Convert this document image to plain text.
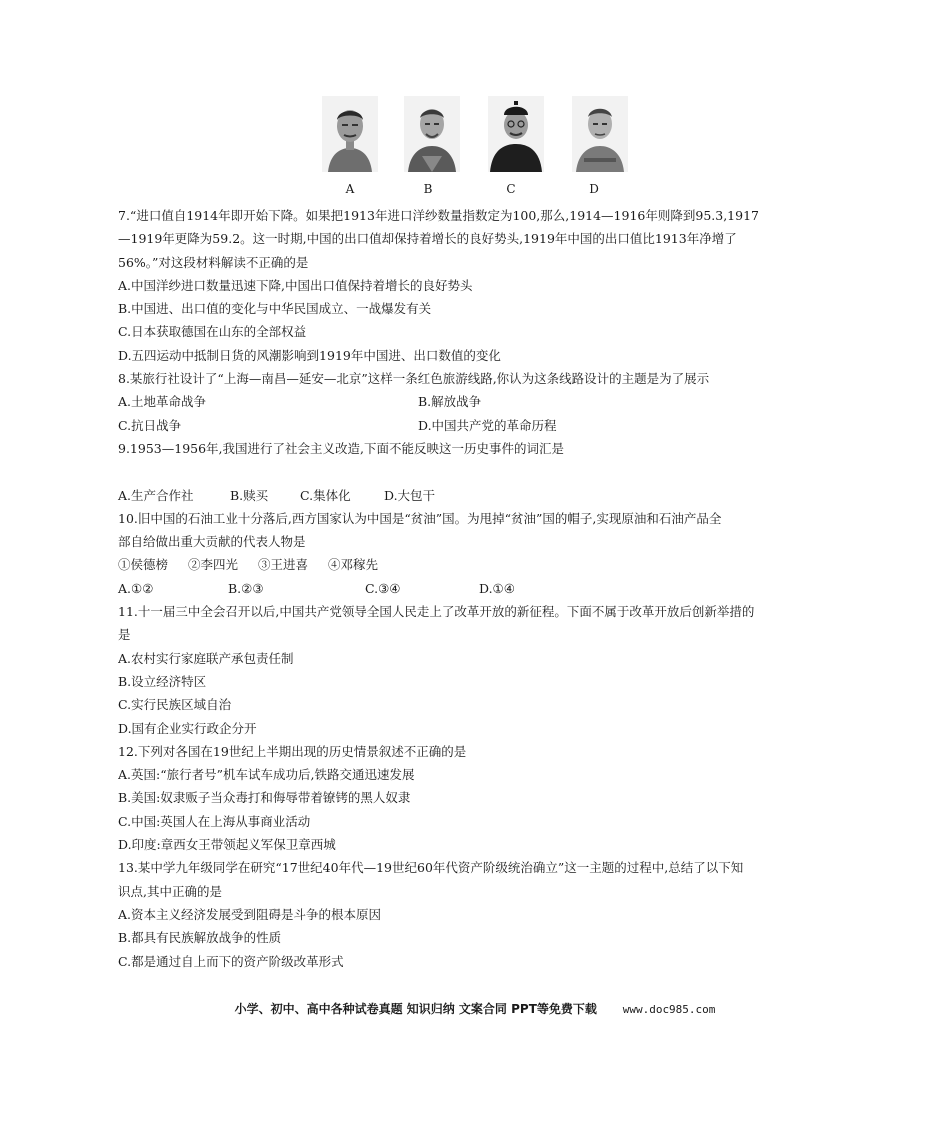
A	B	C	D
7.“进口值自1914年即开始下降。如果把1913年进口洋纱数量指数定为100,那么,1914—1916年则降到95.3,1917
—1919年更降为59.2。这一时期,中国的出口值却保持着增长的良好势头,1919年中国的出口值比1913年净增了
56%。”对这段材料解读不正确的是
A.中国洋纱进口数量迅速下降,中国出口值保持着增长的良好势头
B.中国进、出口值的变化与中华民国成立、一战爆发有关
C.日本获取德国在山东的全部权益
D.五四运动中抵制日货的风潮影响到1919年中国进、出口数值的变化
8.某旅行社设计了“上海—南昌—延安—北京”这样一条红色旅游线路,你认为这条线路设计的主题是为了展示
A.土地革命战争	B.解放战争
C.抗日战争	D.中国共产党的革命历程
9.1953—1956年,我国进行了社会主义改造,下面不能反映这一历史事件的词汇是
A.生产合作社	B.赎买	C.集体化	D.大包干
10.旧中国的石油工业十分落后,西方国家认为中国是“贫油”国。为甩掉“贫油”国的帽子,实现原油和石油产品全
部自给做出重大贡献的代表人物是
①侯德榜	②李四光	③王进喜	④邓稼先
A.①②	B.②③	C.③④	D.①④
11.十一届三中全会召开以后,中国共产党领导全国人民走上了改革开放的新征程。下面不属于改革开放后创新举措的
是
A.农村实行家庭联产承包责任制
B.设立经济特区
C.实行民族区域自治
D.国有企业实行政企分开
12.下列对各国在19世纪上半期出现的历史情景叙述不正确的是
A.英国:“旅行者号”机车试车成功后,铁路交通迅速发展
B.美国:奴隶贩子当众毒打和侮辱带着镣铐的黑人奴隶
C.中国:英国人在上海从事商业活动
D.印度:章西女王带领起义军保卫章西城
13.某中学九年级同学在研究“17世纪40年代—19世纪60年代资产阶级统治确立”这一主题的过程中,总结了以下知
识点,其中正确的是
A.资本主义经济发展受到阻碍是斗争的根本原因
B.都具有民族解放战争的性质
C.都是通过自上而下的资产阶级改革形式
小学、初中、高中各种试卷真题 知识归纳 文案合同 PPT等免费下载 www.doc985.com
